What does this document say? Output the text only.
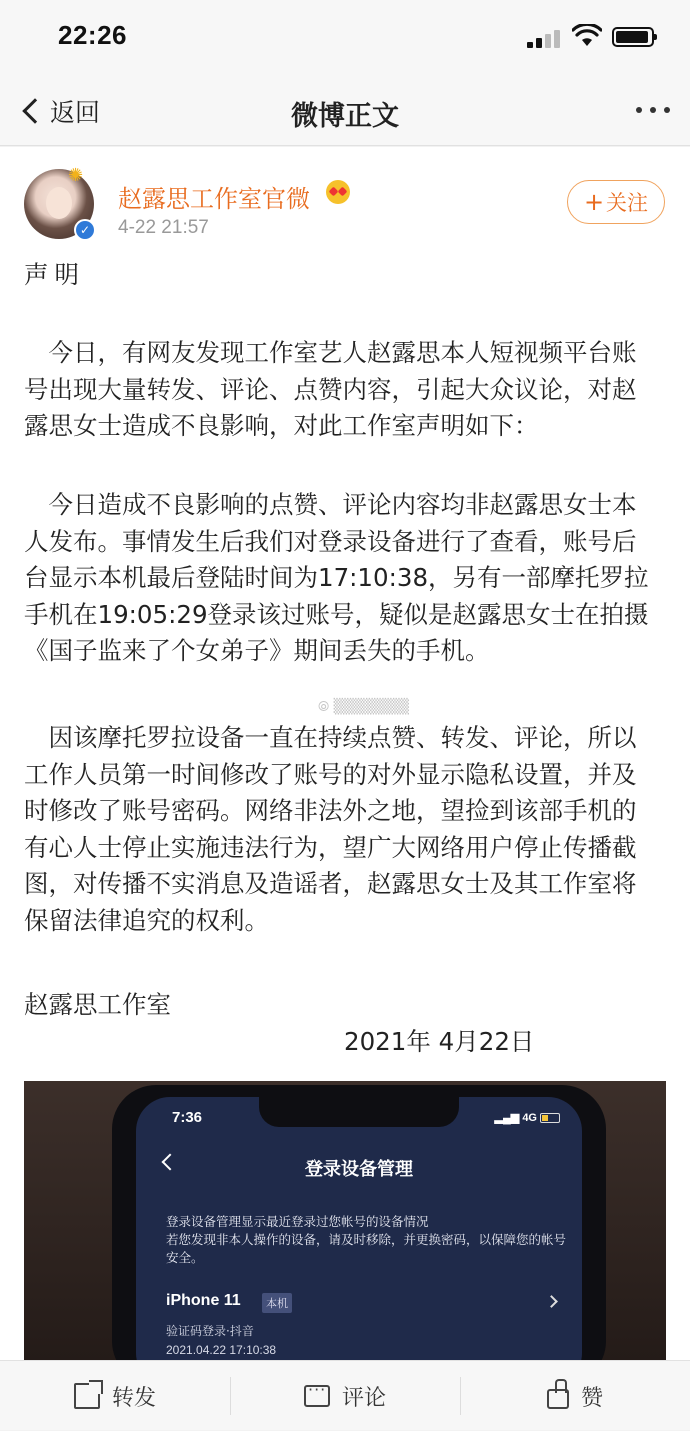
22:26
返回	微博正文
✺
✓
赵露思工作室官微
4-22 21:57
+ 关注
声明
　今日，有网友发现工作室艺人赵露思本人短视频平台账号出现大量转发、评论、点赞内容，引起大众议论，对赵露思女士造成不良影响，对此工作室声明如下：
　今日造成不良影响的点赞、评论内容均非赵露思女士本人发布。事情发生后我们对登录设备进行了查看，账号后台显示本机最后登陆时间为17:10:38，另有一部摩托罗拉手机在19:05:29登录该过账号，疑似是赵露思女士在拍摄《国子监来了个女弟子》期间丢失的手机。
　因该摩托罗拉设备一直在持续点赞、转发、评论，所以工作人员第一时间修改了账号的对外显示隐私设置，并及时修改了账号密码。网络非法外之地，望捡到该部手机的有心人士停止实施违法行为，望广大网络用户停止传播截图，对传播不实消息及造谣者，赵露思女士及其工作室将保留法律追究的权利。
⦾ ▒▒▒▒▒▒▒
赵露思工作室
2021年 4月22日
7:36	▂▄▆ 4G
登录设备管理
登录设备管理显示最近登录过您帐号的设备情况
若您发现非本人操作的设备，请及时移除，并更换密码，以保障您的帐号安全。
iPhone 11	本机
验证码登录·抖音
2021.04.22 17:10:38
转发
···	评论	赞
